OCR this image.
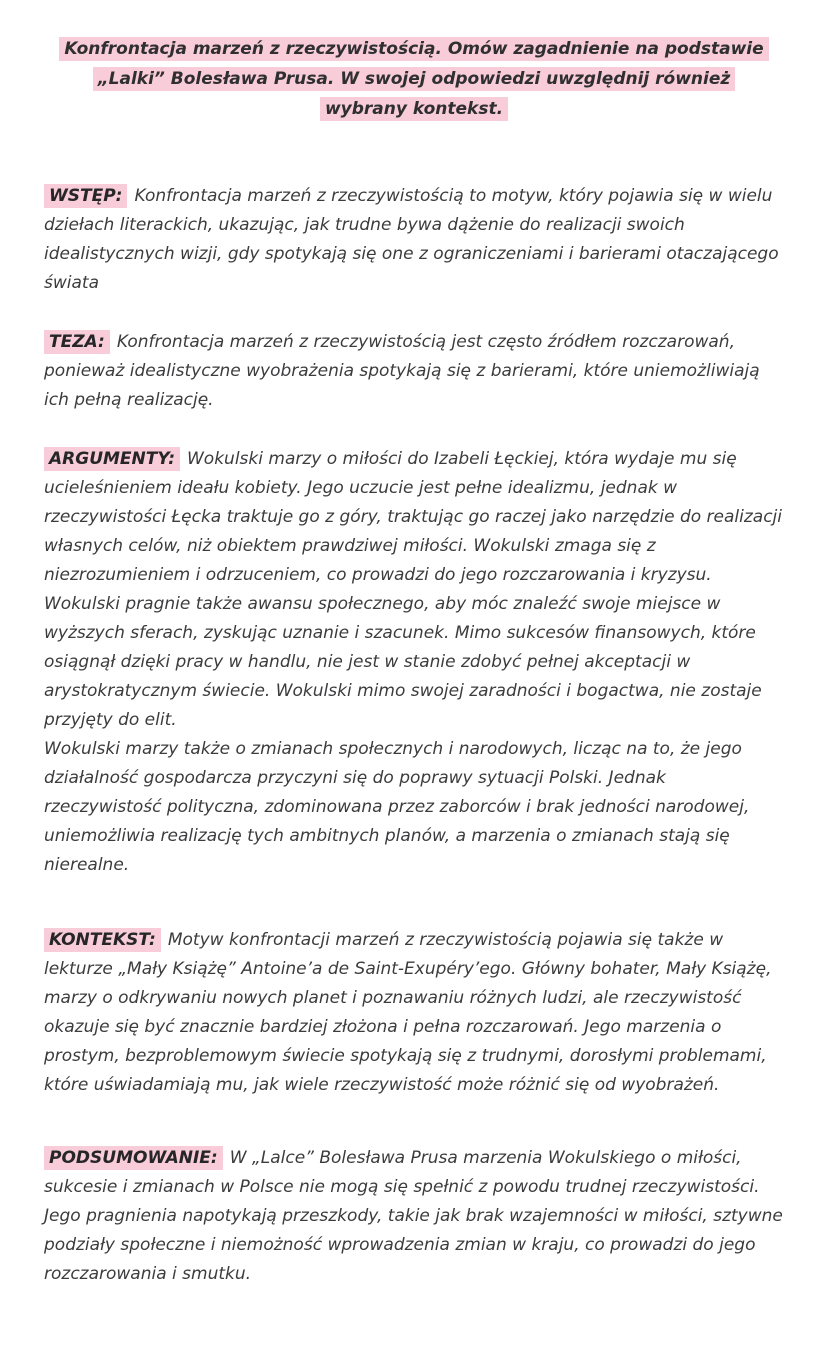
Konfrontacja marzeń z rzeczywistością. Omów zagadnienie na podstawie „Lalki” Bolesława Prusa. W swojej odpowiedzi uwzględnij również wybrany kontekst.

WSTĘP: Konfrontacja marzeń z rzeczywistością to motyw, który pojawia się w wielu dziełach literackich, ukazując, jak trudne bywa dążenie do realizacji swoich idealistycznych wizji, gdy spotykają się one z ograniczeniami i barierami otaczającego świata

TEZA: Konfrontacja marzeń z rzeczywistością jest często źródłem rozczarowań, ponieważ idealistyczne wyobrażenia spotykają się z barierami, które uniemożliwiają ich pełną realizację.

ARGUMENTY: Wokulski marzy o miłości do Izabeli Łęckiej, która wydaje mu się ucieleśnieniem ideału kobiety. Jego uczucie jest pełne idealizmu, jednak w rzeczywistości Łęcka traktuje go z góry, traktując go raczej jako narzędzie do realizacji własnych celów, niż obiektem prawdziwej miłości. Wokulski zmaga się z niezrozumieniem i odrzuceniem, co prowadzi do jego rozczarowania i kryzysu. Wokulski pragnie także awansu społecznego, aby móc znaleźć swoje miejsce w wyższych sferach, zyskując uznanie i szacunek. Mimo sukcesów finansowych, które osiągnął dzięki pracy w handlu, nie jest w stanie zdobyć pełnej akceptacji w arystokratycznym świecie. Wokulski mimo swojej zaradności i bogactwa, nie zostaje przyjęty do elit.

Wokulski marzy także o zmianach społecznych i narodowych, licząc na to, że jego działalność gospodarcza przyczyni się do poprawy sytuacji Polski. Jednak rzeczywistość polityczna, zdominowana przez zaborców i brak jedności narodowej, uniemożliwia realizację tych ambitnych planów, a marzenia o zmianach stają się nierealne.

KONTEKST: Motyw konfrontacji marzeń z rzeczywistością pojawia się także w lekturze „Mały Książę” Antoine’a de Saint-Exupéry’ego. Główny bohater, Mały Książę, marzy o odkrywaniu nowych planet i poznawaniu różnych ludzi, ale rzeczywistość okazuje się być znacznie bardziej złożona i pełna rozczarowań. Jego marzenia o prostym, bezproblemowym świecie spotykają się z trudnymi, dorosłymi problemami, które uświadamiają mu, jak wiele rzeczywistość może różnić się od wyobrażeń.

PODSUMOWANIE: W „Lalce” Bolesława Prusa marzenia Wokulskiego o miłości, sukcesie i zmianach w Polsce nie mogą się spełnić z powodu trudnej rzeczywistości. Jego pragnienia napotykają przeszkody, takie jak brak wzajemności w miłości, sztywne podziały społeczne i niemożność wprowadzenia zmian w kraju, co prowadzi do jego rozczarowania i smutku.
